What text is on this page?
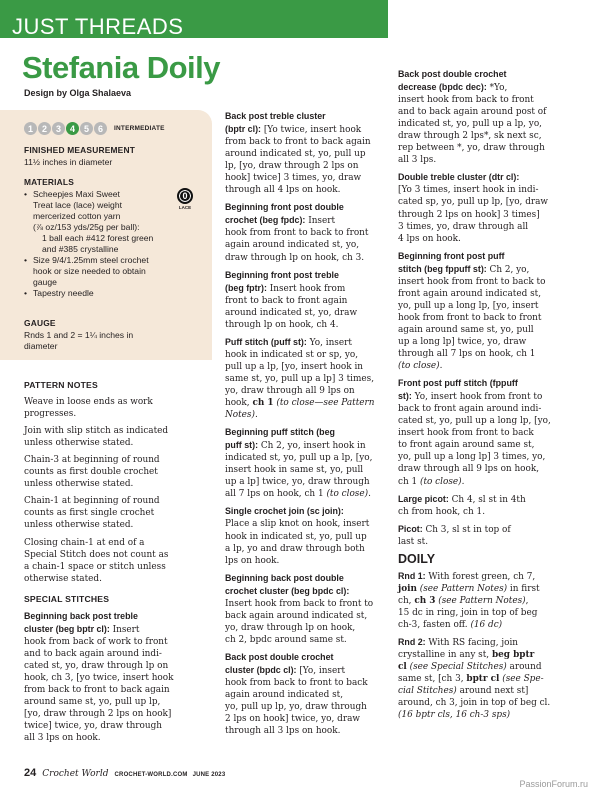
JUST THREADS
Stefania Doily
Design by Olga Shalaeva
1 2 3 4 5 6	INTERMEDIATE
FINISHED MEASUREMENT
11½ inches in diameter
MATERIALS
• Scheepjes Maxi Sweet
Treat lace (lace) weight
mercerized cotton yarn
(⅞ oz/153 yds/25g per ball):
1 ball each #412 forest green
and #385 crystalline
• Size 9/4/1.25mm steel crochet
hook or size needed to obtain
gauge
• Tapestry needle
0
LACE
GAUGE
Rnds 1 and 2 = 1¼ inches in
diameter
PATTERN NOTES

Weave in loose ends as work
progresses.

Join with slip stitch as indicated
unless otherwise stated.

Chain-3 at beginning of round
counts as first double crochet
unless otherwise stated.

Chain-1 at beginning of round
counts as first single crochet
unless otherwise stated.

Closing chain-1 at end of a
Special Stitch does not count as
a chain-1 space or stitch unless
otherwise stated.

SPECIAL STITCHES

Beginning back post treble
cluster (beg bptr cl): Insert
hook from back of work to front
and to back again around indi-
cated st, yo, draw through lp on
hook, ch 3, [yo twice, insert hook
from back to front to back again
around same st, yo, pull up lp,
[yo, draw through 2 lps on hook]
twice] twice, yo, draw through
all 3 lps on hook.

Back post treble cluster
(bptr cl): [Yo twice, insert hook
from back to front to back again
around indicated st, yo, pull up
lp, [yo, draw through 2 lps on
hook] twice] 3 times, yo, draw
through all 4 lps on hook.

Beginning front post double
crochet (beg fpdc): Insert
hook from front to back to front
again around indicated st, yo,
draw through lp on hook, ch 3.

Beginning front post treble
(beg fptr): Insert hook from
front to back to front again
around indicated st, yo, draw
through lp on hook, ch 4.

Puff stitch (puff st): Yo, insert
hook in indicated st or sp, yo,
pull up a lp, [yo, insert hook in
same st, yo, pull up a lp] 3 times,
yo, draw through all 9 lps on
hook, ch 1 (to close—see Pattern
Notes).

Beginning puff stitch (beg
puff st): Ch 2, yo, insert hook in
indicated st, yo, pull up a lp, [yo,
insert hook in same st, yo, pull
up a lp] twice, yo, draw through
all 7 lps on hook, ch 1 (to close).

Single crochet join (sc join):
Place a slip knot on hook, insert
hook in indicated st, yo, pull up
a lp, yo and draw through both
lps on hook.

Beginning back post double
crochet cluster (beg bpdc cl):
Insert hook from back to front to
back again around indicated st,
yo, draw through lp on hook,
ch 2, bpdc around same st.

Back post double crochet
cluster (bpdc cl): [Yo, insert
hook from back to front to back
again around indicated st,
yo, pull up lp, yo, draw through
2 lps on hook] twice, yo, draw
through all 3 lps on hook.

Back post double crochet
decrease (bpdc dec): *Yo,
insert hook from back to front
and to back again around post of
indicated st, yo, pull up a lp, yo,
draw through 2 lps*, sk next sc,
rep between *, yo, draw through
all 3 lps.

Double treble cluster (dtr cl):
[Yo 3 times, insert hook in indi-
cated sp, yo, pull up lp, [yo, draw
through 2 lps on hook] 3 times]
3 times, yo, draw through all
4 lps on hook.

Beginning front post puff
stitch (beg fppuff st): Ch 2, yo,
insert hook from front to back to
front again around indicated st,
yo, pull up a long lp, [yo, insert
hook from front to back to front
again around same st, yo, pull
up a long lp] twice, yo, draw
through all 7 lps on hook, ch 1
(to close).

Front post puff stitch (fppuff
st): Yo, insert hook from front to
back to front again around indi-
cated st, yo, pull up a long lp, [yo,
insert hook from front to back
to front again around same st,
yo, pull up a long lp] 3 times, yo,
draw through all 9 lps on hook,
ch 1 (to close).

Large picot: Ch 4, sl st in 4th
ch from hook, ch 1.

Picot: Ch 3, sl st in top of
last st.

DOILY

Rnd 1: With forest green, ch 7,
join (see Pattern Notes) in first
ch, ch 3 (see Pattern Notes),
15 dc in ring, join in top of beg
ch-3, fasten off. (16 dc)

Rnd 2: With RS facing, join
crystalline in any st, beg bptr
cl (see Special Stitches) around
same st, [ch 3, bptr cl (see Spe-
cial Stitches) around next st]
around, ch 3, join in top of beg cl.
(16 bptr cls, 16 ch-3 sps)

24 Crochet World CROCHET-WORLD.COM JUNE 2023
PassionForum.ru
